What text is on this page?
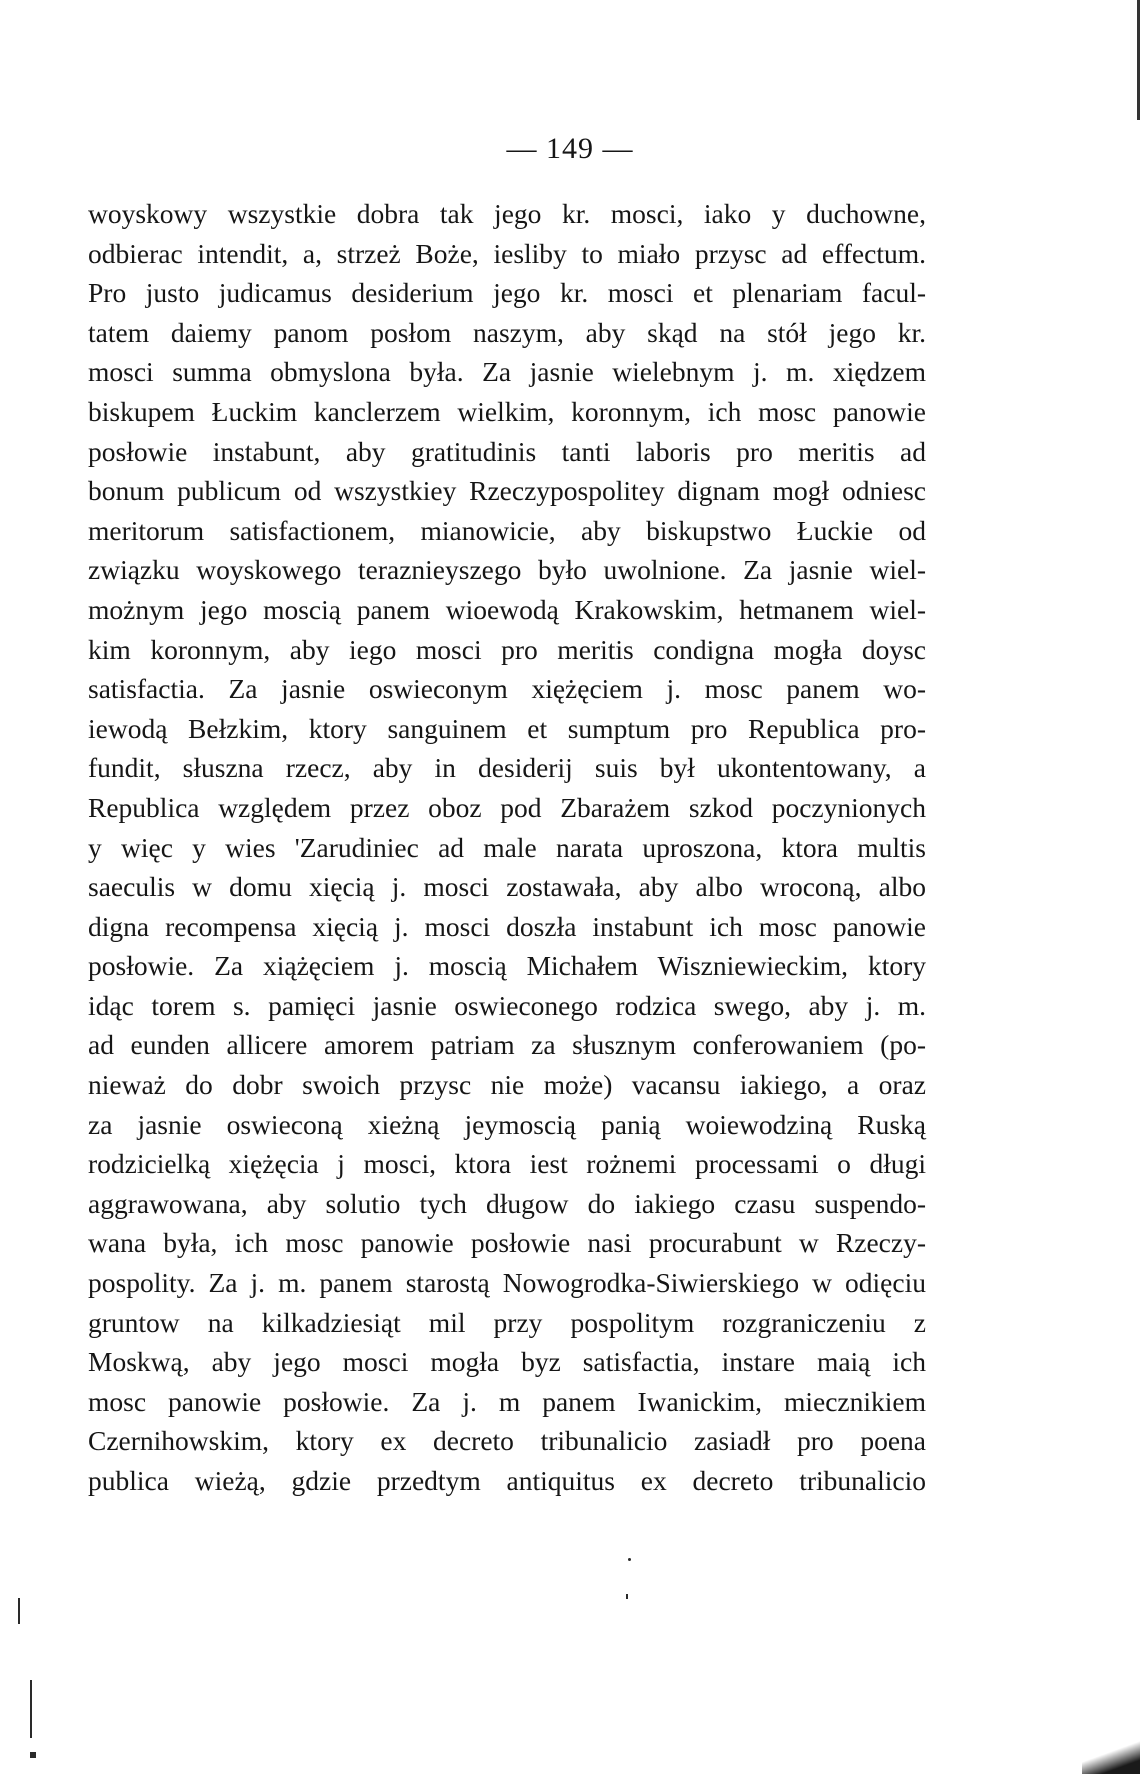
— 149 —
woyskowy wszystkie dobra tak jego kr. mosci, iako y duchowne,
odbierac intendit, a, strzeż Boże, iesliby to miało przysc ad effectum.
Pro justo judicamus desiderium jego kr. mosci et plenariam facul-
tatem daiemy panom posłom naszym, aby skąd na stół jego kr.
mosci summa obmyslona była. Za jasnie wielebnym j. m. xiędzem
biskupem Łuckim kanclerzem wielkim, koronnym, ich mosc panowie
posłowie instabunt, aby gratitudinis tanti laboris pro meritis ad
bonum publicum od wszystkiey Rzeczypospolitey dignam mogł odniesc
meritorum satisfactionem, mianowicie, aby biskupstwo Łuckie od
związku woyskowego teraznieyszego było uwolnione. Za jasnie wiel-
możnym jego moscią panem wioewodą Krakowskim, hetmanem wiel-
kim koronnym, aby iego mosci pro meritis condigna mogła doysc
satisfactia. Za jasnie oswieconym xiężęciem j. mosc panem wo-
iewodą Bełzkim, ktory sanguinem et sumptum pro Republica pro-
fundit, słuszna rzecz, aby in desiderij suis był ukontentowany, a
Republica względem przez oboz pod Zbarażem szkod poczynionych
y więc y wies 'Zarudiniec ad male narata uproszona, ktora multis
saeculis w domu xięcią j. mosci zostawała, aby albo wroconą, albo
digna recompensa xięcią j. mosci doszła instabunt ich mosc panowie
posłowie. Za xiążęciem j. moscią Michałem Wiszniewieckim, ktory
idąc torem s. pamięci jasnie oswieconego rodzica swego, aby j. m.
ad eunden allicere amorem patriam za słusznym conferowaniem (po-
nieważ do dobr swoich przysc nie może) vacansu iakiego, a oraz
za jasnie oswieconą xieżną jeymoscią panią woiewodziną Ruską
rodzicielką xiężęcia j mosci, ktora iest rożnemi processami o długi
aggrawowana, aby solutio tych długow do iakiego czasu suspendo-
wana była, ich mosc panowie posłowie nasi procurabunt w Rzeczy-
pospolity. Za j. m. panem starostą Nowogrodka-Siwierskiego w odięciu
gruntow na kilkadziesiąt mil przy pospolitym rozgraniczeniu z
Moskwą, aby jego mosci mogła byz satisfactia, instare maią ich
mosc panowie posłowie. Za j. m panem Iwanickim, miecznikiem
Czernihowskim, ktory ex decreto tribunalicio zasiadł pro poena
publica wieżą, gdzie przedtym antiquitus ex decreto tribunalicio
